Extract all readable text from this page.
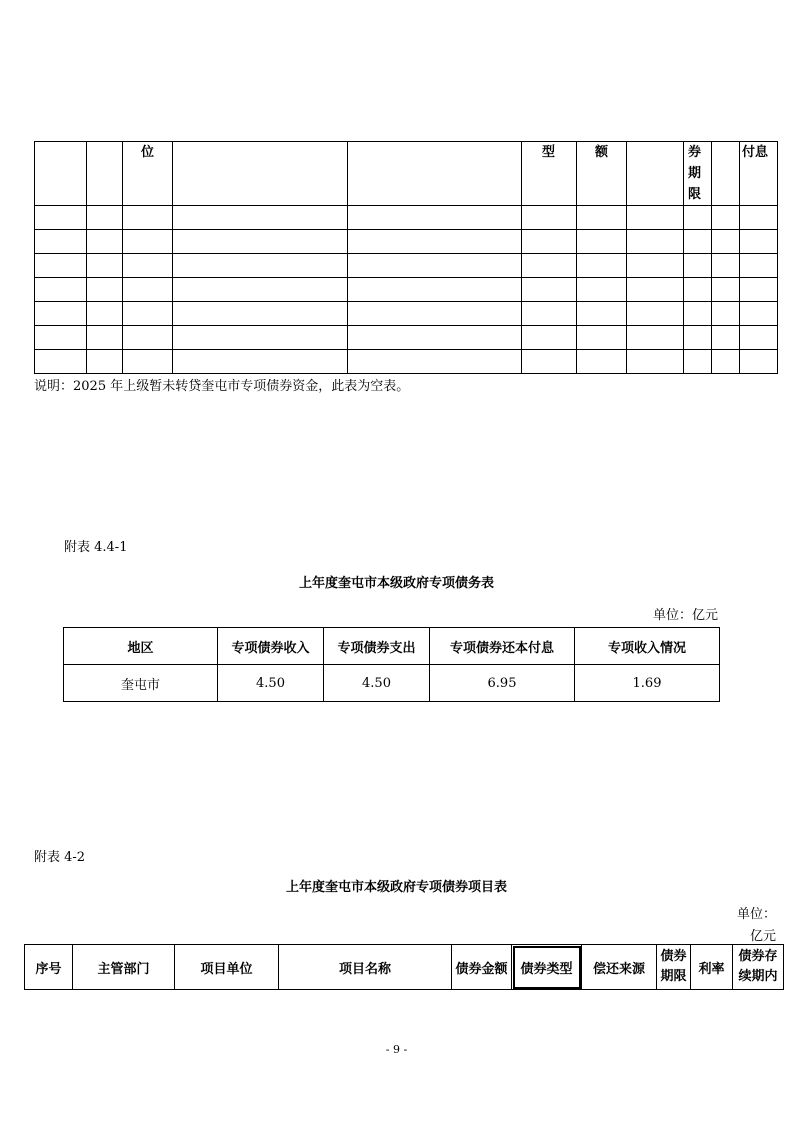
		位			型	额		券期限		付息

说明：2025 年上级暂未转贷奎屯市专项债券资金，此表为空表。
附表 4.4-1
上年度奎屯市本级政府专项债务表
单位：亿元
地区	专项债券收入	专项债券支出	专项债券还本付息	专项收入情况
奎屯市	4.50	4.50	6.95	1.69
附表 4-2
上年度奎屯市本级政府专项债券项目表
单位：
亿元
序号	主管部门	项目单位	项目名称	债券金额	债券类型	偿还来源	债券期限	利率	债券存续期内
- 9 -
